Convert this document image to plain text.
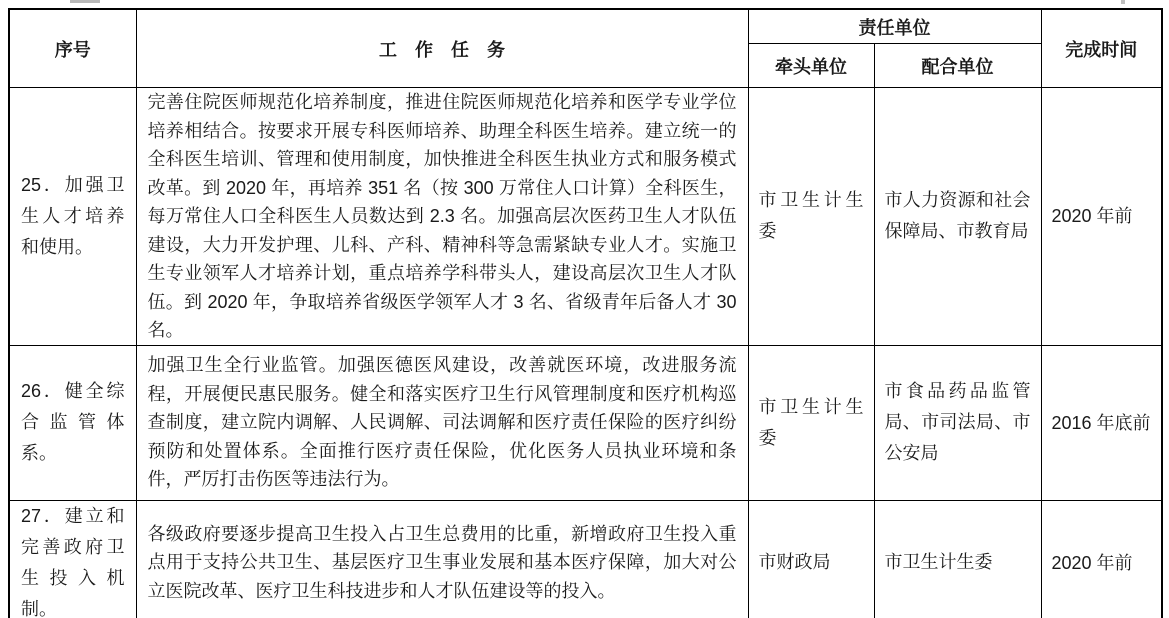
序号	工作任务	责任单位		完成时间
		牵头单位	配合单位	
25．加强卫生人才培养和使用。	完善住院医师规范化培养制度，推进住院医师规范化培养和医学专业学位培养相结合。按要求开展专科医师培养、助理全科医生培养。建立统一的全科医生培训、管理和使用制度，加快推进全科医生执业方式和服务模式改革。到 2020 年，再培养 351 名（按 300 万常住人口计算）全科医生，每万常住人口全科医生人员数达到 2.3 名。加强高层次医药卫生人才队伍建设，大力开发护理、儿科、产科、精神科等急需紧缺专业人才。实施卫生专业领军人才培养计划，重点培养学科带头人，建设高层次卫生人才队伍。到 2020 年，争取培养省级医学领军人才 3 名、省级青年后备人才 30 名。	市卫生计生委	市人力资源和社会保障局、市教育局	2020 年前
26．健全综合监管体系。	加强卫生全行业监管。加强医德医风建设，改善就医环境，改进服务流程，开展便民惠民服务。健全和落实医疗卫生行风管理制度和医疗机构巡查制度，建立院内调解、人民调解、司法调解和医疗责任保险的医疗纠纷预防和处置体系。全面推行医疗责任保险，优化医务人员执业环境和条件，严厉打击伤医等违法行为。	市卫生计生委	市食品药品监管局、市司法局、市公安局	2016 年底前
27．建立和完善政府卫生投入机制。	各级政府要逐步提高卫生投入占卫生总费用的比重，新增政府卫生投入重点用于支持公共卫生、基层医疗卫生事业发展和基本医疗保障，加大对公立医院改革、医疗卫生科技进步和人才队伍建设等的投入。	市财政局	市卫生计生委	2020 年前
